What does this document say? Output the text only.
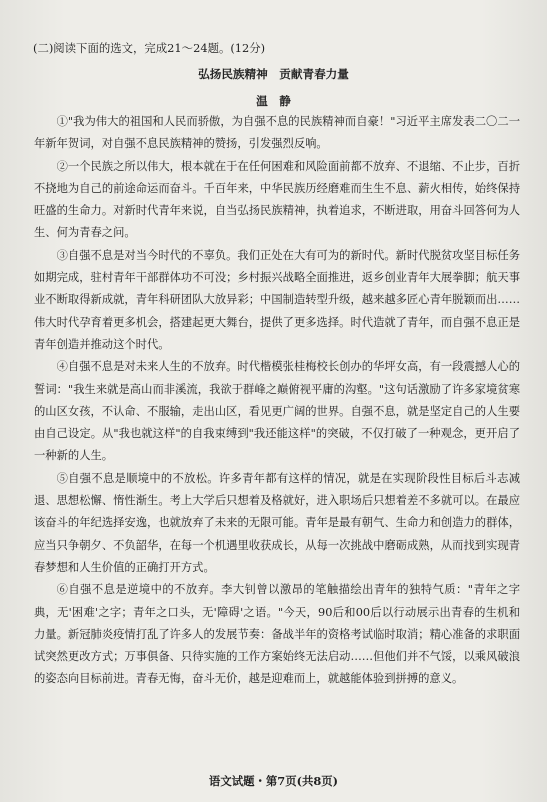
(二)阅读下面的选文，完成21～24题。(12分)
弘扬民族精神　贡献青春力量
温　静

①"我为伟大的祖国和人民而骄傲，为自强不息的民族精神而自豪！"习近平主席发表二〇二一年新年贺词，对自强不息民族精神的赞扬，引发强烈反响。

②一个民族之所以伟大，根本就在于在任何困难和风险面前都不放弃、不退缩、不止步，百折不挠地为自己的前途命运而奋斗。千百年来，中华民族历经磨难而生生不息、薪火相传，始终保持旺盛的生命力。对新时代青年来说，自当弘扬民族精神，执着追求，不断进取，用奋斗回答何为人生、何为青春之问。

③自强不息是对当今时代的不辜负。我们正处在大有可为的新时代。新时代脱贫攻坚目标任务如期完成，驻村青年干部群体功不可没；乡村振兴战略全面推进，返乡创业青年大展拳脚；航天事业不断取得新成就，青年科研团队大放异彩；中国制造转型升级，越来越多匠心青年脱颖而出……伟大时代孕育着更多机会，搭建起更大舞台，提供了更多选择。时代造就了青年，而自强不息正是青年创造并推动这个时代。

④自强不息是对未来人生的不放弃。时代楷模张桂梅校长创办的华坪女高，有一段震撼人心的誓词："我生来就是高山而非溪流，我欲于群峰之巅俯视平庸的沟壑。"这句话激励了许多家境贫寒的山区女孩，不认命、不服输，走出山区，看见更广阔的世界。自强不息，就是坚定自己的人生要由自己设定。从"我也就这样"的自我束缚到"我还能这样"的突破，不仅打破了一种观念，更开启了一种新的人生。

⑤自强不息是顺境中的不放松。许多青年都有这样的情况，就是在实现阶段性目标后斗志减退、思想松懈、惰性渐生。考上大学后只想着及格就好，进入职场后只想着差不多就可以。在最应该奋斗的年纪选择安逸，也就放弃了未来的无限可能。青年是最有朝气、生命力和创造力的群体，应当只争朝夕、不负韶华，在每一个机遇里收获成长，从每一次挑战中磨砺成熟，从而找到实现青春梦想和人生价值的正确打开方式。

⑥自强不息是逆境中的不放弃。李大钊曾以激昂的笔触描绘出青年的独特气质："青年之字典，无'困难'之字；青年之口头，无'障碍'之语。"今天，90后和00后以行动展示出青春的生机和力量。新冠肺炎疫情打乱了许多人的发展节奏：备战半年的资格考试临时取消；精心准备的求职面试突然更改方式；万事俱备、只待实施的工作方案始终无法启动……但他们并不气馁，以乘风破浪的姿态向目标前进。青春无悔，奋斗无价，越是迎难而上，就越能体验到拼搏的意义。

语文试题・第7页(共8页)
